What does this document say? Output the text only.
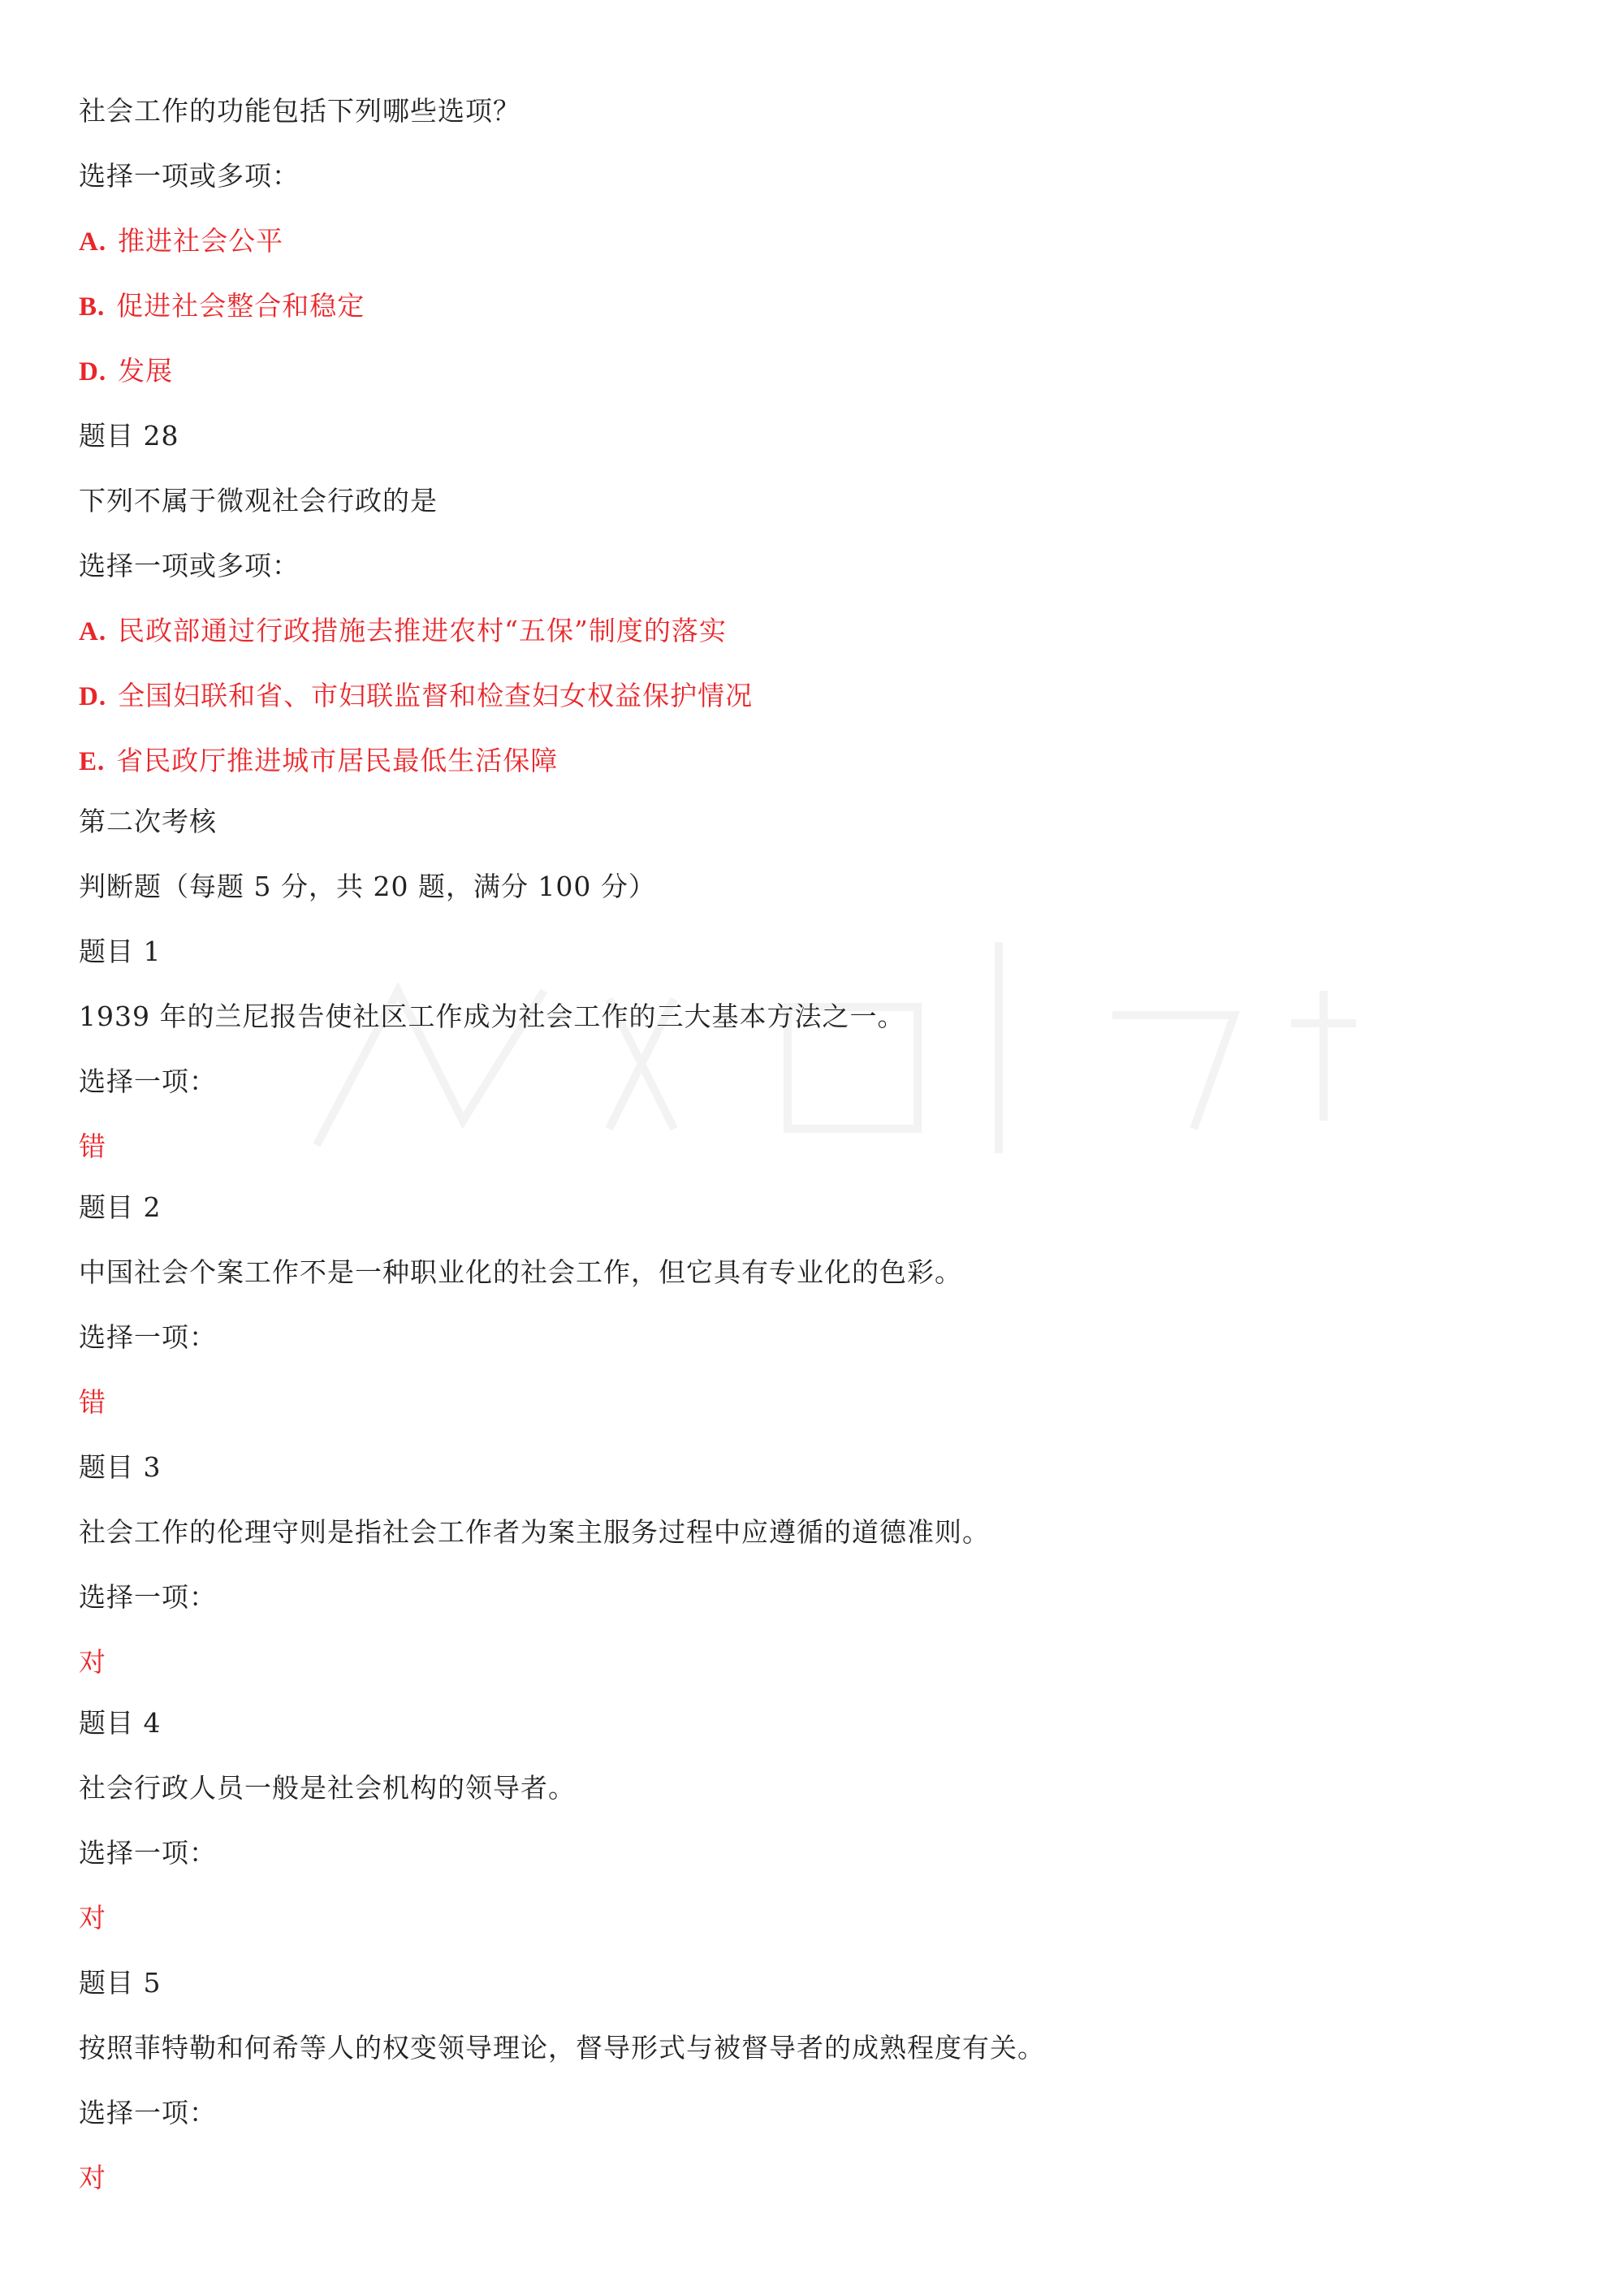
社会工作的功能包括下列哪些选项？
选择一项或多项：
A. 推进社会公平
B. 促进社会整合和稳定
D. 发展
题目 28
下列不属于微观社会行政的是
选择一项或多项：
A. 民政部通过行政措施去推进农村“五保”制度的落实
D. 全国妇联和省、市妇联监督和检查妇女权益保护情况
E. 省民政厅推进城市居民最低生活保障
第二次考核
判断题（每题 5 分，共 20 题，满分 100 分）
题目 1
1939 年的兰尼报告使社区工作成为社会工作的三大基本方法之一。
选择一项：
错
题目 2
中国社会个案工作不是一种职业化的社会工作，但它具有专业化的色彩。
选择一项：
错
题目 3
社会工作的伦理守则是指社会工作者为案主服务过程中应遵循的道德准则。
选择一项：
对
题目 4
社会行政人员一般是社会机构的领导者。
选择一项：
对
题目 5
按照菲特勒和何希等人的权变领导理论，督导形式与被督导者的成熟程度有关。
选择一项：
对
